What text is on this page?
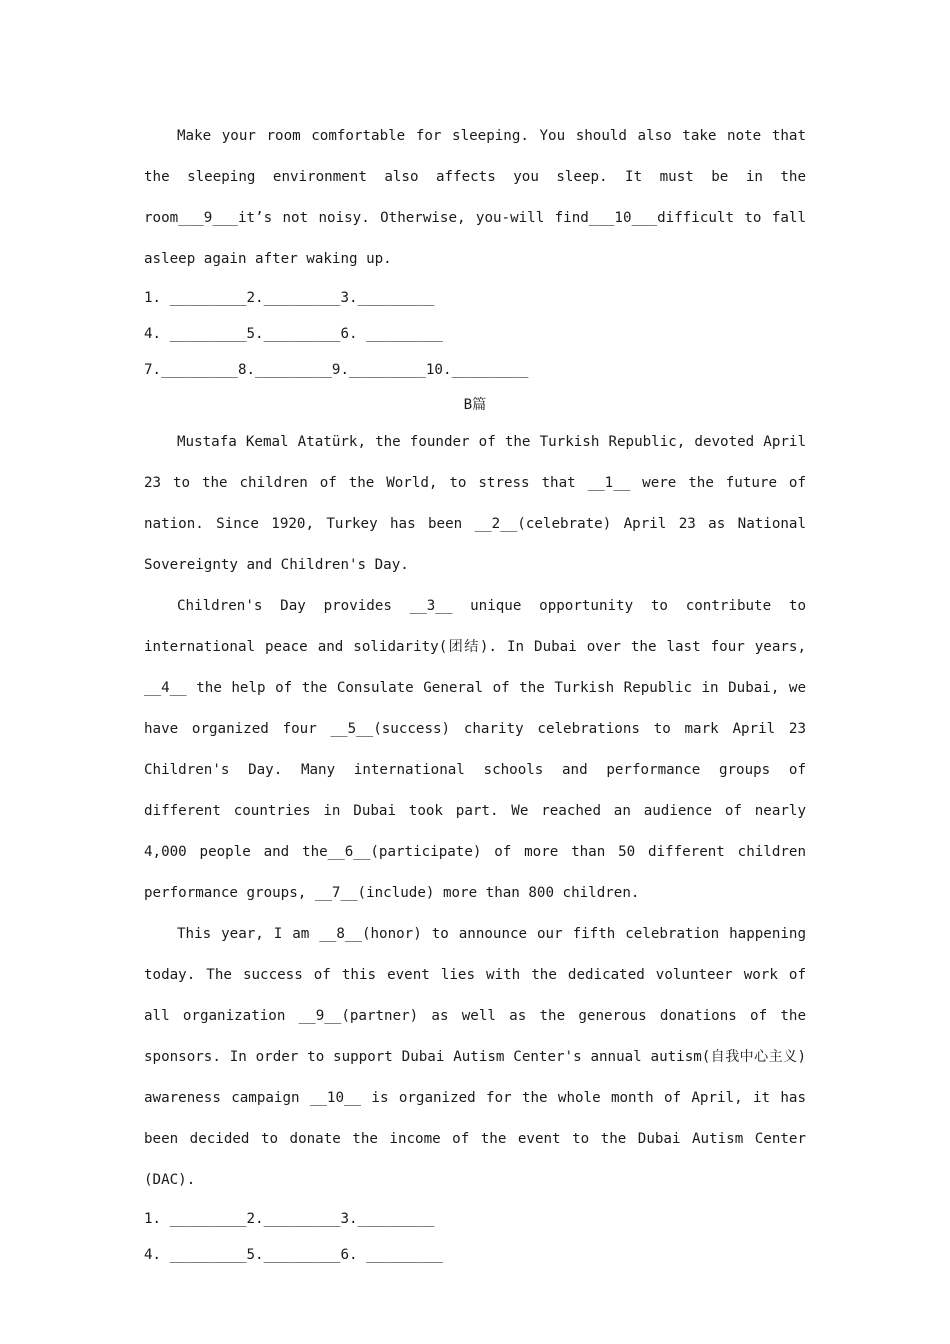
Make your room comfortable for sleeping. You should also take note that the sleeping environment also affects you sleep. It must be in the room___9___it’s not noisy. Otherwise, you-will find___10___difficult to fall asleep again after waking up.

1. _________2._________3._________

4. _________5._________6. _________

7._________8._________9._________10._________

B篇

Mustafa Kemal Atatürk, the founder of the Turkish Republic, devoted April 23 to the children of the World, to stress that __1__ were the future of nation. Since 1920, Turkey has been __2__(celebrate) April 23 as National Sovereignty and Children's Day.

Children's Day provides __3__ unique opportunity to contribute to international peace and solidarity(团结). In Dubai over the last four years, __4__ the help of the Consulate General of the Turkish Republic in Dubai, we have organized four __5__(success) charity celebrations to mark April 23 Children's Day. Many international schools and performance groups of different countries in Dubai took part. We reached an audience of nearly 4,000 people and the__6__(participate) of more than 50 different children performance groups, __7__(include) more than 800 children.

This year, I am __8__(honor) to announce our fifth celebration happening today. The success of this event lies with the dedicated volunteer work of all organization __9__(partner) as well as the generous donations of the sponsors. In order to support Dubai Autism Center's annual autism(自我中心主义) awareness campaign __10__ is organized for the whole month of April, it has been decided to donate the income of the event to the Dubai Autism Center (DAC).

1. _________2._________3._________

4. _________5._________6. _________
